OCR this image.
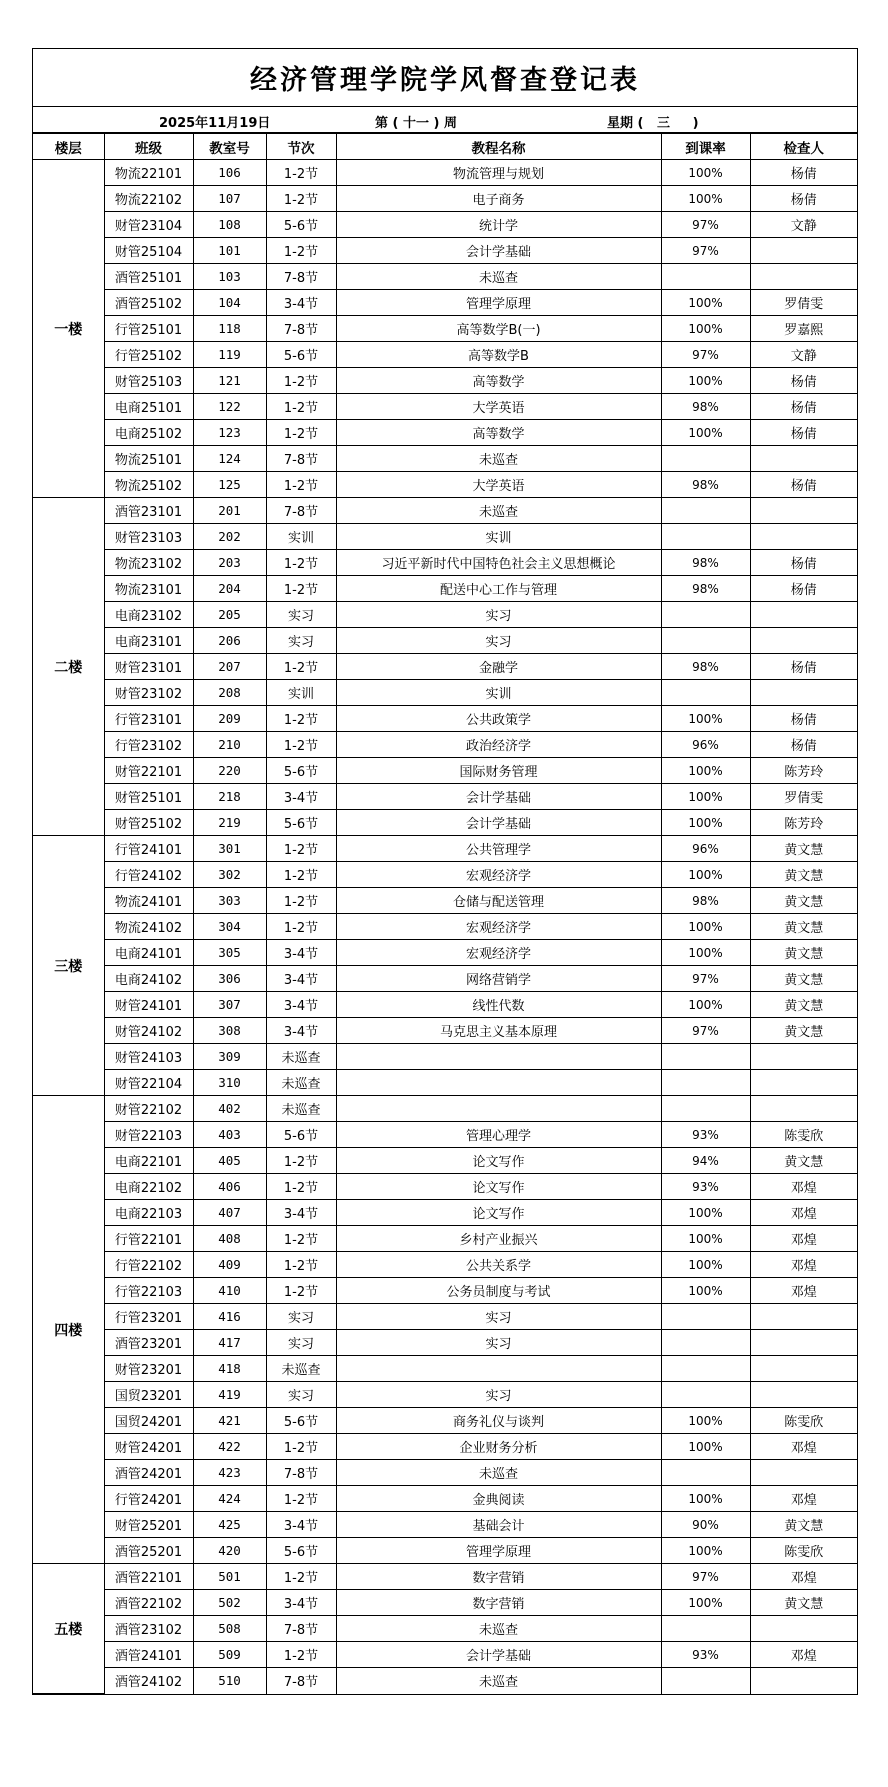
经济管理学院学风督查登记表
2025年11月19日	第 ( 十一 ) 周	星期 (   三     )
楼层	班级	教室号	节次	教程名称	到课率	检查人
一楼	物流22101	106	1-2节	物流管理与规划	100%	杨倩
	物流22102	107	1-2节	电子商务	100%	杨倩
	财管23104	108	5-6节	统计学	97%	文静
	财管25104	101	1-2节	会计学基础	97%	
	酒管25101	103	7-8节	未巡查		
	酒管25102	104	3-4节	管理学原理	100%	罗倩雯
	行管25101	118	7-8节	高等数学B(一)	100%	罗嘉熙
	行管25102	119	5-6节	高等数学B	97%	文静
	财管25103	121	1-2节	高等数学	100%	杨倩
	电商25101	122	1-2节	大学英语	98%	杨倩
	电商25102	123	1-2节	高等数学	100%	杨倩
	物流25101	124	7-8节	未巡查		
	物流25102	125	1-2节	大学英语	98%	杨倩
二楼	酒管23101	201	7-8节	未巡查		
	财管23103	202	实训	实训		
	物流23102	203	1-2节	习近平新时代中国特色社会主义思想概论	98%	杨倩
	物流23101	204	1-2节	配送中心工作与管理	98%	杨倩
	电商23102	205	实习	实习		
	电商23101	206	实习	实习		
	财管23101	207	1-2节	金融学	98%	杨倩
	财管23102	208	实训	实训		
	行管23101	209	1-2节	公共政策学	100%	杨倩
	行管23102	210	1-2节	政治经济学	96%	杨倩
	财管22101	220	5-6节	国际财务管理	100%	陈芳玲
	财管25101	218	3-4节	会计学基础	100%	罗倩雯
	财管25102	219	5-6节	会计学基础	100%	陈芳玲
三楼	行管24101	301	1-2节	公共管理学	96%	黄文慧
	行管24102	302	1-2节	宏观经济学	100%	黄文慧
	物流24101	303	1-2节	仓储与配送管理	98%	黄文慧
	物流24102	304	1-2节	宏观经济学	100%	黄文慧
	电商24101	305	3-4节	宏观经济学	100%	黄文慧
	电商24102	306	3-4节	网络营销学	97%	黄文慧
	财管24101	307	3-4节	线性代数	100%	黄文慧
	财管24102	308	3-4节	马克思主义基本原理	97%	黄文慧
	财管24103	309	未巡查			
	财管22104	310	未巡查			
四楼	财管22102	402	未巡查			
	财管22103	403	5-6节	管理心理学	93%	陈雯欣
	电商22101	405	1-2节	论文写作	94%	黄文慧
	电商22102	406	1-2节	论文写作	93%	邓煌
	电商22103	407	3-4节	论文写作	100%	邓煌
	行管22101	408	1-2节	乡村产业振兴	100%	邓煌
	行管22102	409	1-2节	公共关系学	100%	邓煌
	行管22103	410	1-2节	公务员制度与考试	100%	邓煌
	行管23201	416	实习	实习		
	酒管23201	417	实习	实习		
	财管23201	418	未巡查			
	国贸23201	419	实习	实习		
	国贸24201	421	5-6节	商务礼仪与谈判	100%	陈雯欣
	财管24201	422	1-2节	企业财务分析	100%	邓煌
	酒管24201	423	7-8节	未巡查		
	行管24201	424	1-2节	金典阅读	100%	邓煌
	财管25201	425	3-4节	基础会计	90%	黄文慧
	酒管25201	420	5-6节	管理学原理	100%	陈雯欣
五楼	酒管22101	501	1-2节	数字营销	97%	邓煌
	酒管22102	502	3-4节	数字营销	100%	黄文慧
	酒管23102	508	7-8节	未巡查		
	酒管24101	509	1-2节	会计学基础	93%	邓煌
	酒管24102	510	7-8节	未巡查		
